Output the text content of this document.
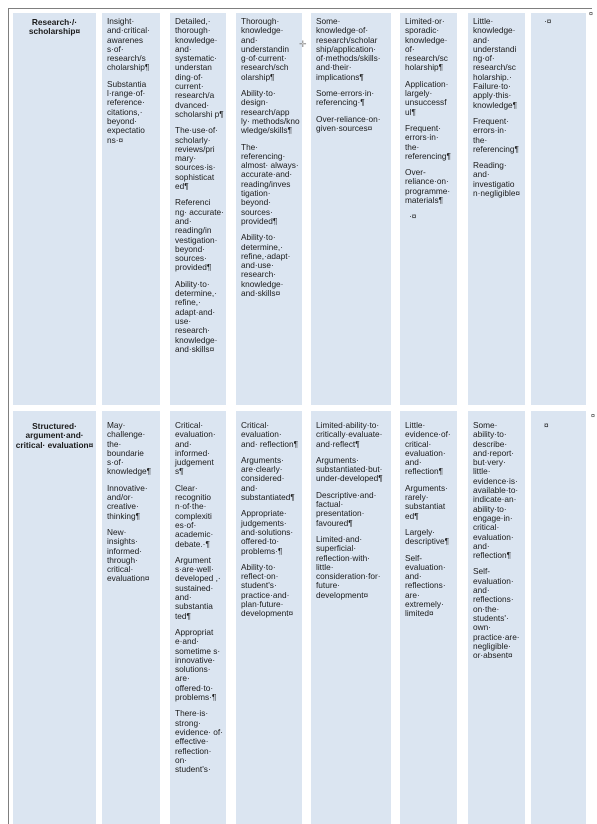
Research·/· scholarship¤

Insight· and·critical· awarenes s·of· research/s cholarship¶

Substantia l·range·of· reference· citations,· beyond· expectatio ns·¤

Detailed,· thorough· knowledge· and· systematic· understan ding·of· current· research/a dvanced· scholarshi p¶

The·use·of· scholarly· reviews/pri mary· sources·is· sophisticat ed¶

Referenci ng· accurate· and· reading/in vestigation· beyond· sources· provided¶

Ability·to· determine,· refine,· adapt·and· use· research· knowledge· and·skills¤

Thorough· knowledge· and· understandin g·of·current· research/sch olarship¶

Ability·to· design· research/app ly· methods/kno wledge/skills¶

The· referencing· almost· always· accurate·and· reading/inves tigation· beyond· sources· provided¶

Ability·to· determine,· refine,·adapt· and·use· research· knowledge· and·skills¤

Some· knowledge·of· research/scholar ship/application· of·methods/skills· and·their· implications¶

Some·errors·in· referencing·¶

Over-reliance·on· given·sources¤

Limited·or· sporadic· knowledge· of· research/sc holarship¶

Application· largely· unsuccessf ul¶

Frequent· errors·in· the· referencing¶

Over- reliance·on· programme· materials¶

·¤

Little· knowledge· and· understandi ng·of· research/sc holarship.· Failure·to· apply·this· knowledge¶

Frequent· errors·in· the· referencing¶

Reading· and· investigatio n·negligible¤

·¤

Structured· argument·and· critical· evaluation¤

May· challenge· the· boundarie s·of· knowledge¶

Innovative· and/or· creative· thinking¶

New· insights· informed· through· critical· evaluation¤

Critical· evaluation· and· informed· judgement s¶

Clear· recognitio n·of·the· complexiti es·of· academic· debate.·¶

Argument s·are·well· developed ,· sustained· and· substantia ted¶

Appropriat e·and· sometime s· innovative· solutions· are· offered·to· problems·¶

There·is· strong· evidence· of· effective· reflection· on· student's·

Critical· evaluation· and· reflection¶

Arguments· are·clearly· considered· and· substantiated¶

Appropriate· judgements· and·solutions· offered·to· problems·¶

Ability·to· reflect·on· student's· practice·and· plan·future· development¤

Limited·ability·to· critically·evaluate· and·reflect¶

Arguments· substantiated·but· under-developed¶

Descriptive·and· factual· presentation· favoured¶

Limited·and· superficial· reflection·with· little· consideration·for· future· development¤

Little· evidence·of· critical· evaluation· and· reflection¶

Arguments· rarely· substantiat ed¶

Largely· descriptive¶

Self- evaluation· and· reflections· are· extremely· limited¤

Some· ability·to· describe· and·report· but·very· little· evidence·is· available·to· indicate·an· ability·to· engage·in· critical· evaluation· and· reflection¶

Self- evaluation· and· reflections· on·the· students'· own· practice·are· negligible· or·absent¤

¤

¤
¤
✛
